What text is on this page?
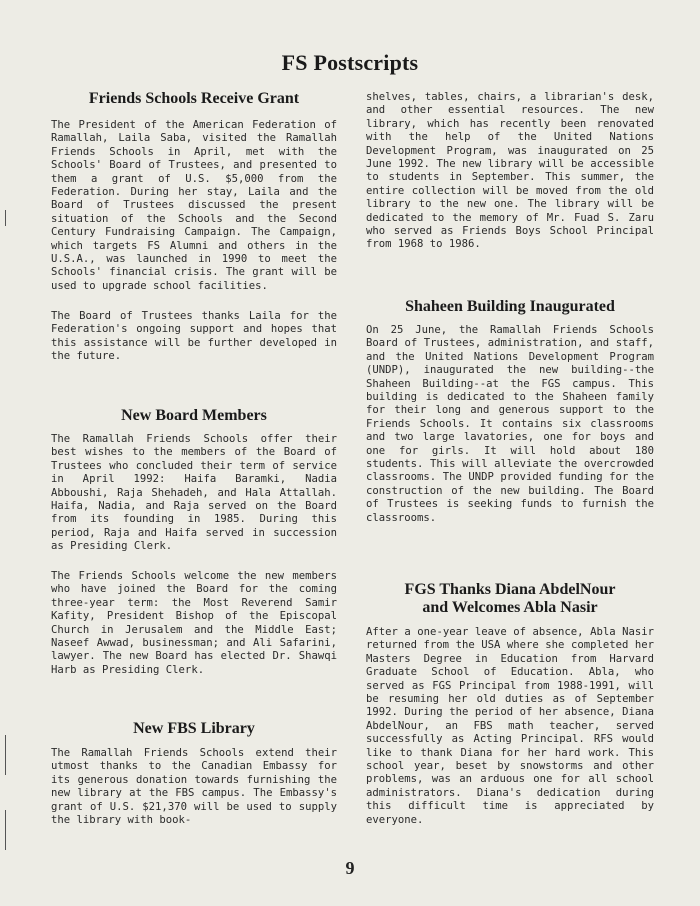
FS Postscripts
Friends Schools Receive Grant

The President of the American Federation of Ramallah, Laila Saba, visited the Ramallah Friends Schools in April, met with the Schools' Board of Trustees, and presented to them a grant of U.S. $5,000 from the Federation. During her stay, Laila and the Board of Trustees discussed the present situation of the Schools and the Second Century Fundraising Campaign. The Campaign, which targets FS Alumni and others in the U.S.A., was launched in 1990 to meet the Schools' financial crisis. The grant will be used to upgrade school facilities.

The Board of Trustees thanks Laila for the Federation's ongoing support and hopes that this assistance will be further developed in the future.

New Board Members

The Ramallah Friends Schools offer their best wishes to the members of the Board of Trustees who concluded their term of service in April 1992: Haifa Baramki, Nadia Abboushi, Raja Shehadeh, and Hala Attallah. Haifa, Nadia, and Raja served on the Board from its founding in 1985. During this period, Raja and Haifa served in succession as Presiding Clerk.

The Friends Schools welcome the new members who have joined the Board for the coming three-year term: the Most Reverend Samir Kafity, President Bishop of the Episcopal Church in Jerusalem and the Middle East; Naseef Awwad, businessman; and Ali Safarini, lawyer. The new Board has elected Dr. Shawqi Harb as Presiding Clerk.

New FBS Library

The Ramallah Friends Schools extend their utmost thanks to the Canadian Embassy for its generous donation towards furnishing the new library at the FBS campus. The Embassy's grant of U.S. $21,370 will be used to supply the library with book-

shelves, tables, chairs, a librarian's desk, and other essential resources. The new library, which has recently been renovated with the help of the United Nations Development Program, was inaugurated on 25 June 1992. The new library will be accessible to students in September. This summer, the entire collection will be moved from the old library to the new one. The library will be dedicated to the memory of Mr. Fuad S. Zaru who served as Friends Boys School Principal from 1968 to 1986.

Shaheen Building Inaugurated

On 25 June, the Ramallah Friends Schools Board of Trustees, administration, and staff, and the United Nations Development Program (UNDP), inaugurated the new building--the Shaheen Building--at the FGS campus. This building is dedicated to the Shaheen family for their long and generous support to the Friends Schools. It contains six classrooms and two large lavatories, one for boys and one for girls. It will hold about 180 students. This will alleviate the overcrowded classrooms. The UNDP provided funding for the construction of the new building. The Board of Trustees is seeking funds to furnish the classrooms.

FGS Thanks Diana AbdelNour
and Welcomes Abla Nasir

After a one-year leave of absence, Abla Nasir returned from the USA where she completed her Masters Degree in Education from Harvard Graduate School of Education. Abla, who served as FGS Principal from 1988-1991, will be resuming her old duties as of September 1992. During the period of her absence, Diana AbdelNour, an FBS math teacher, served successfully as Acting Principal. RFS would like to thank Diana for her hard work. This school year, beset by snowstorms and other problems, was an arduous one for all school administrators. Diana's dedication during this difficult time is appreciated by everyone.

9
